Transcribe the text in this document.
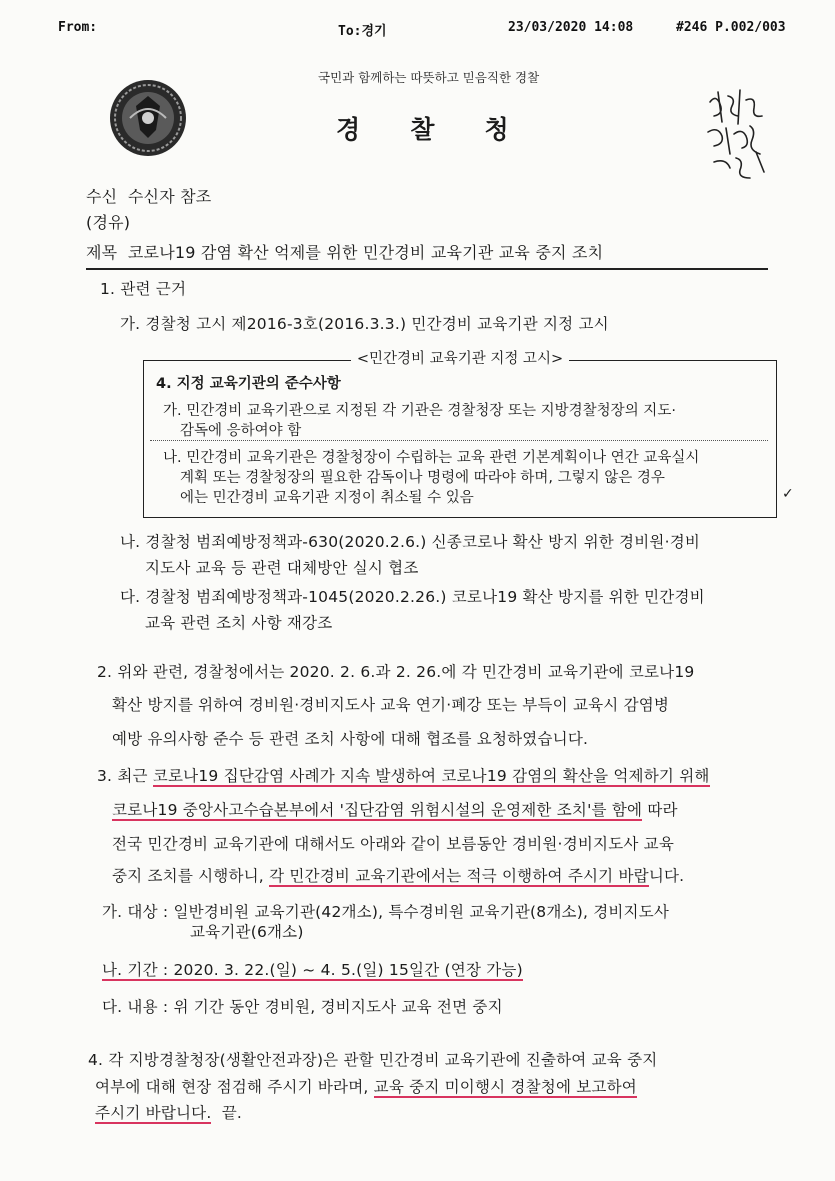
From:	To:경기	23/03/2020 14:08	#246 P.002/003
국민과 함께하는 따뜻하고 믿음직한 경찰
경   찰   청
수신  수신자 참조
(경유)
제목  코로나19 감염 확산 억제를 위한 민간경비 교육기관 교육 중지 조치
1. 관련 근거
가. 경찰청 고시 제2016-3호(2016.3.3.) 민간경비 교육기관 지정 고시
<민간경비 교육기관 지정 고시>
4. 지정 교육기관의 준수사항
가. 민간경비 교육기관으로 지정된 각 기관은 경찰청장 또는 지방경찰청장의 지도·
감독에 응하여야 함
나. 민간경비 교육기관은 경찰청장이 수립하는 교육 관련 기본계획이나 연간 교육실시
계획 또는 경찰청장의 필요한 감독이나 명령에 따라야 하며, 그렇지 않은 경우
에는 민간경비 교육기관 지정이 취소될 수 있음	✓
나. 경찰청 범죄예방정책과-630(2020.2.6.) 신종코로나 확산 방지 위한 경비원·경비
지도사 교육 등 관련 대체방안 실시 협조
다. 경찰청 범죄예방정책과-1045(2020.2.26.) 코로나19 확산 방지를 위한 민간경비
교육 관련 조치 사항 재강조
2. 위와 관련, 경찰청에서는 2020. 2. 6.과 2. 26.에 각 민간경비 교육기관에 코로나19
확산 방지를 위하여 경비원·경비지도사 교육 연기·폐강 또는 부득이 교육시 감염병
예방 유의사항 준수 등 관련 조치 사항에 대해 협조를 요청하였습니다.
3. 최근 코로나19 집단감염 사례가 지속 발생하여 코로나19 감염의 확산을 억제하기 위해
코로나19 중앙사고수습본부에서 '집단감염 위험시설의 운영제한 조치'를 함에 따라
전국 민간경비 교육기관에 대해서도 아래와 같이 보름동안 경비원·경비지도사 교육
중지 조치를 시행하니, 각 민간경비 교육기관에서는 적극 이행하여 주시기 바랍니다.
가. 대상 : 일반경비원 교육기관(42개소), 특수경비원 교육기관(8개소), 경비지도사
교육기관(6개소)
나. 기간 : 2020. 3. 22.(일) ~ 4. 5.(일) 15일간 (연장 가능)
다. 내용 : 위 기간 동안 경비원, 경비지도사 교육 전면 중지
4. 각 지방경찰청장(생활안전과장)은 관할 민간경비 교육기관에 진출하여 교육 중지
여부에 대해 현장 점검해 주시기 바라며, 교육 중지 미이행시 경찰청에 보고하여
주시기 바랍니다.  끝.
